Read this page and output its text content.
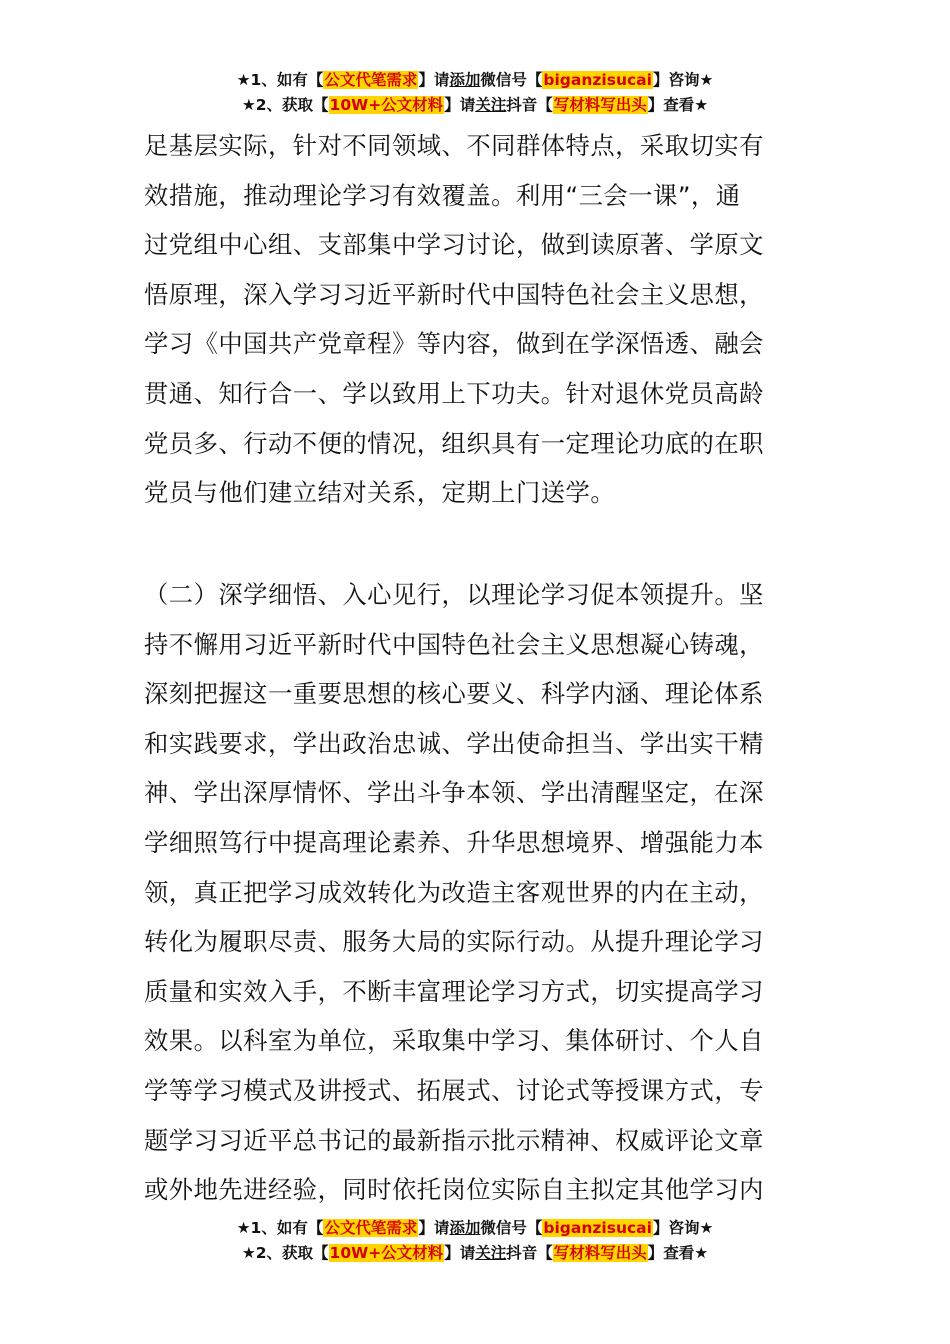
★1、如有【公文代笔需求】请添加微信号【biganzisucai】咨询★
★2、获取【10W+公文材料】请关注抖音【写材料写出头】查看★
足基层实际，针对不同领域、不同群体特点，采取切实有
效措施，推动理论学习有效覆盖。利用“三会一课”，通
过党组中心组、支部集中学习讨论，做到读原著、学原文
悟原理，深入学习习近平新时代中国特色社会主义思想，
学习《中国共产党章程》等内容，做到在学深悟透、融会
贯通、知行合一、学以致用上下功夫。针对退休党员高龄
党员多、行动不便的情况，组织具有一定理论功底的在职
党员与他们建立结对关系，定期上门送学。
（二）深学细悟、入心见行，以理论学习促本领提升。坚
持不懈用习近平新时代中国特色社会主义思想凝心铸魂，
深刻把握这一重要思想的核心要义、科学内涵、理论体系
和实践要求，学出政治忠诚、学出使命担当、学出实干精
神、学出深厚情怀、学出斗争本领、学出清醒坚定，在深
学细照笃行中提高理论素养、升华思想境界、增强能力本
领，真正把学习成效转化为改造主客观世界的内在主动，
转化为履职尽责、服务大局的实际行动。从提升理论学习
质量和实效入手，不断丰富理论学习方式，切实提高学习
效果。以科室为单位，采取集中学习、集体研讨、个人自
学等学习模式及讲授式、拓展式、讨论式等授课方式，专
题学习习近平总书记的最新指示批示精神、权威评论文章
或外地先进经验，同时依托岗位实际自主拟定其他学习内
★1、如有【公文代笔需求】请添加微信号【biganzisucai】咨询★
★2、获取【10W+公文材料】请关注抖音【写材料写出头】查看★
